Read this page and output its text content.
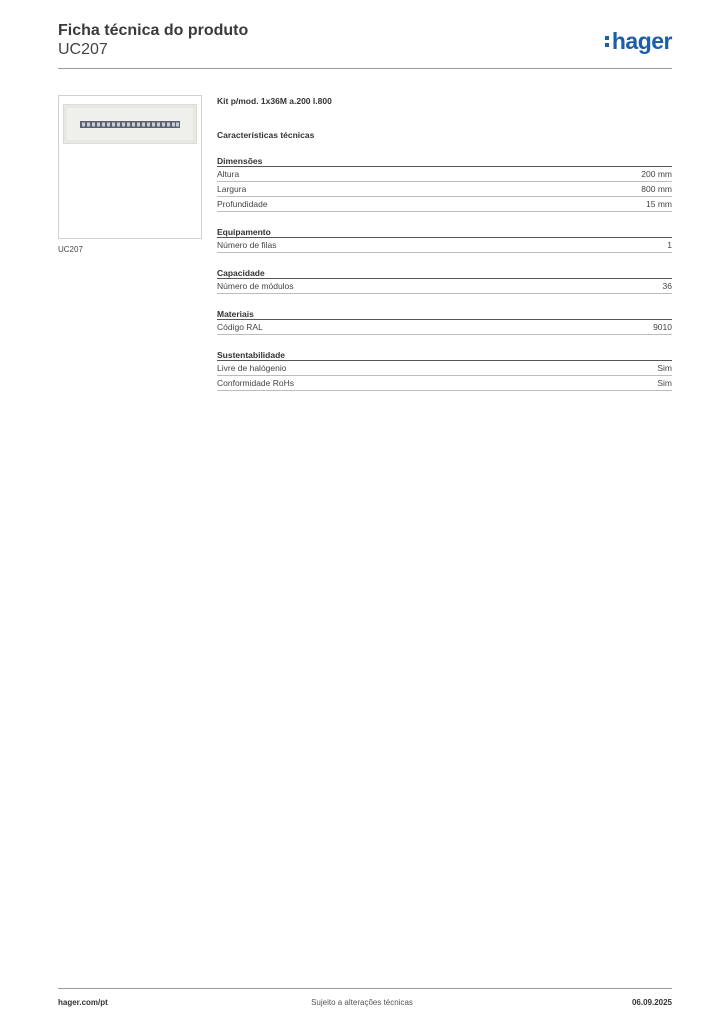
Ficha técnica do produto
UC207	hager
UC207
Kit p/mod. 1x36M a.200 l.800
Características técnicas
Dimensões
Altura	200 mm
Largura	800 mm
Profundidade	15 mm
Equipamento
Número de filas	1
Capacidade
Número de módulos	36
Materiais
Código RAL	9010
Sustentabilidade
Livre de halógenio	Sim
Conformidade RoHs	Sim
hager.com/pt	Sujeito a alterações técnicas	06.09.2025
